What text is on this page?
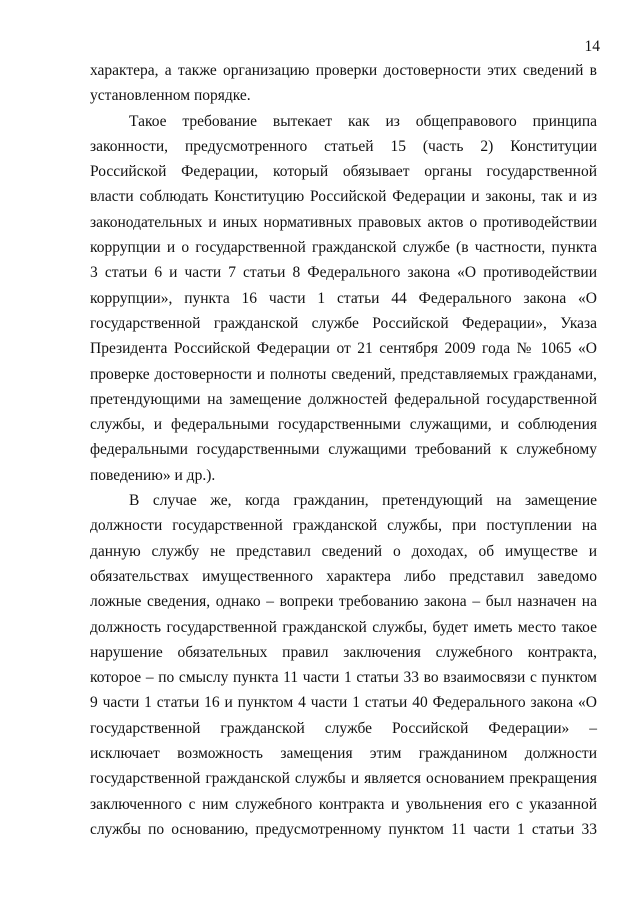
14
характера, а также организацию проверки достоверности этих сведений в
установленном порядке.
Такое требование вытекает как из общеправового принципа
законности, предусмотренного статьей 15 (часть 2) Конституции
Российской Федерации, который обязывает органы государственной
власти соблюдать Конституцию Российской Федерации и законы, так и из
законодательных и иных нормативных правовых актов о противодействии
коррупции и о государственной гражданской службе (в частности, пункта
3 статьи 6 и части 7 статьи 8 Федерального закона «О противодействии
коррупции», пункта 16 части 1 статьи 44 Федерального закона «О
государственной гражданской службе Российской Федерации», Указа
Президента Российской Федерации от 21 сентября 2009 года № 1065 «О
проверке достоверности и полноты сведений, представляемых гражданами,
претендующими на замещение должностей федеральной государственной
службы, и федеральными государственными служащими, и соблюдения
федеральными государственными служащими требований к служебному
поведению» и др.).
В случае же, когда гражданин, претендующий на замещение
должности государственной гражданской службы, при поступлении на
данную службу не представил сведений о доходах, об имуществе и
обязательствах имущественного характера либо представил заведомо
ложные сведения, однако – вопреки требованию закона – был назначен на
должность государственной гражданской службы, будет иметь место такое
нарушение обязательных правил заключения служебного контракта,
которое – по смыслу пункта 11 части 1 статьи 33 во взаимосвязи с пунктом
9 части 1 статьи 16 и пунктом 4 части 1 статьи 40 Федерального закона «О
государственной гражданской службе Российской Федерации» –
исключает возможность замещения этим гражданином должности
государственной гражданской службы и является основанием прекращения
заключенного с ним служебного контракта и увольнения его с указанной
службы по основанию, предусмотренному пунктом 11 части 1 статьи 33
